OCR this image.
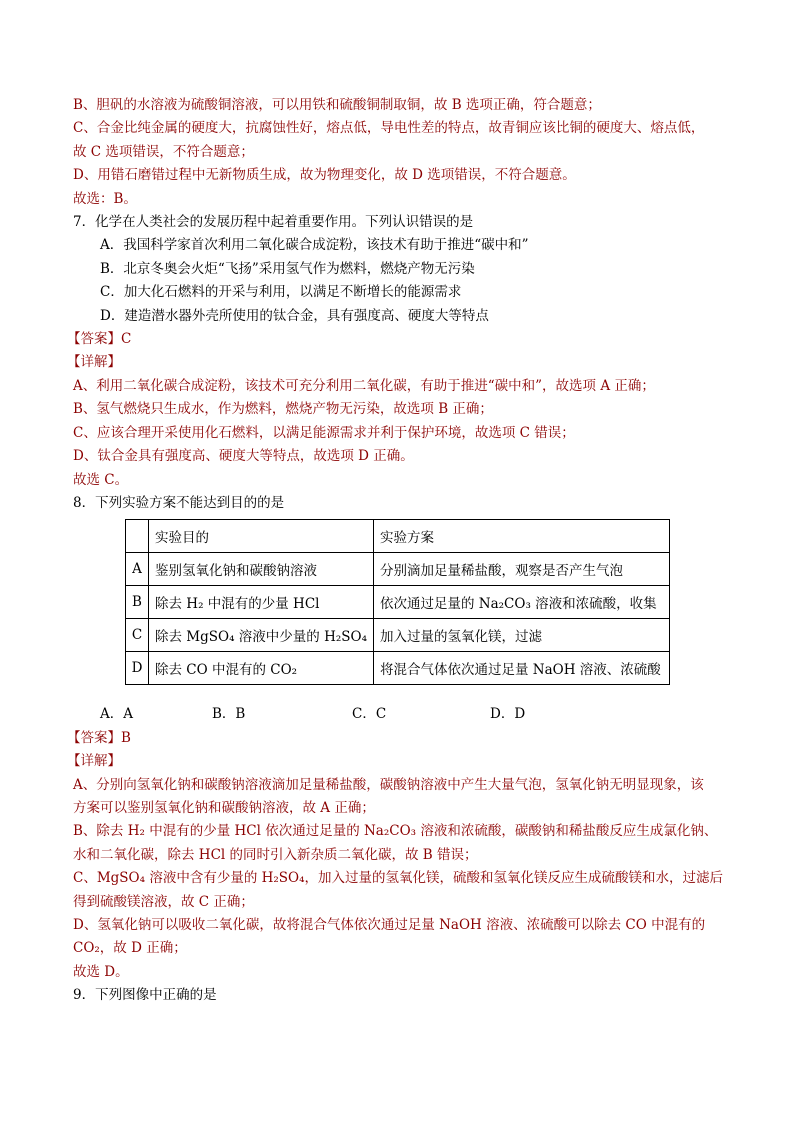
B、胆矾的水溶液为硫酸铜溶液，可以用铁和硫酸铜制取铜，故 B 选项正确，符合题意；
C、合金比纯金属的硬度大，抗腐蚀性好，熔点低，导电性差的特点，故青铜应该比铜的硬度大、熔点低，
故 C 选项错误，不符合题意；
D、用错石磨错过程中无新物质生成，故为物理变化，故 D 选项错误，不符合题意。
故选：B。
7．化学在人类社会的发展历程中起着重要作用。下列认识错误的是
A．我国科学家首次利用二氧化碳合成淀粉，该技术有助于推进“碳中和”
B．北京冬奥会火炬“飞扬”采用氢气作为燃料，燃烧产物无污染
C．加大化石燃料的开采与利用，以满足不断增长的能源需求
D．建造潜水器外壳所使用的钛合金，具有强度高、硬度大等特点
【答案】C
【详解】
A、利用二氧化碳合成淀粉，该技术可充分利用二氧化碳，有助于推进“碳中和”，故选项 A 正确；
B、氢气燃烧只生成水，作为燃料，燃烧产物无污染，故选项 B 正确；
C、应该合理开采使用化石燃料，以满足能源需求并利于保护环境，故选项 C 错误；
D、钛合金具有强度高、硬度大等特点，故选项 D 正确。
故选 C。
8．下列实验方案不能达到目的的是
	实验目的	实验方案
A	鉴别氢氧化钠和碳酸钠溶液	分别滴加足量稀盐酸，观察是否产生气泡
B	除去 H₂ 中混有的少量 HCl	依次通过足量的 Na₂CO₃ 溶液和浓硫酸，收集
C	除去 MgSO₄ 溶液中少量的 H₂SO₄	加入过量的氢氧化镁，过滤
D	除去 CO 中混有的 CO₂	将混合气体依次通过足量 NaOH 溶液、浓硫酸
A．A	B．B	C．C	D．D
【答案】B
【详解】
A、分别向氢氧化钠和碳酸钠溶液滴加足量稀盐酸，碳酸钠溶液中产生大量气泡，氢氧化钠无明显现象，该
方案可以鉴别氢氧化钠和碳酸钠溶液，故 A 正确；
B、除去 H₂ 中混有的少量 HCl 依次通过足量的 Na₂CO₃ 溶液和浓硫酸，碳酸钠和稀盐酸反应生成氯化钠、
水和二氧化碳，除去 HCl 的同时引入新杂质二氧化碳，故 B 错误；
C、MgSO₄ 溶液中含有少量的 H₂SO₄，加入过量的氢氧化镁，硫酸和氢氧化镁反应生成硫酸镁和水，过滤后
得到硫酸镁溶液，故 C 正确；
D、氢氧化钠可以吸收二氧化碳，故将混合气体依次通过足量 NaOH 溶液、浓硫酸可以除去 CO 中混有的
CO₂，故 D 正确；
故选 D。
9．下列图像中正确的是
